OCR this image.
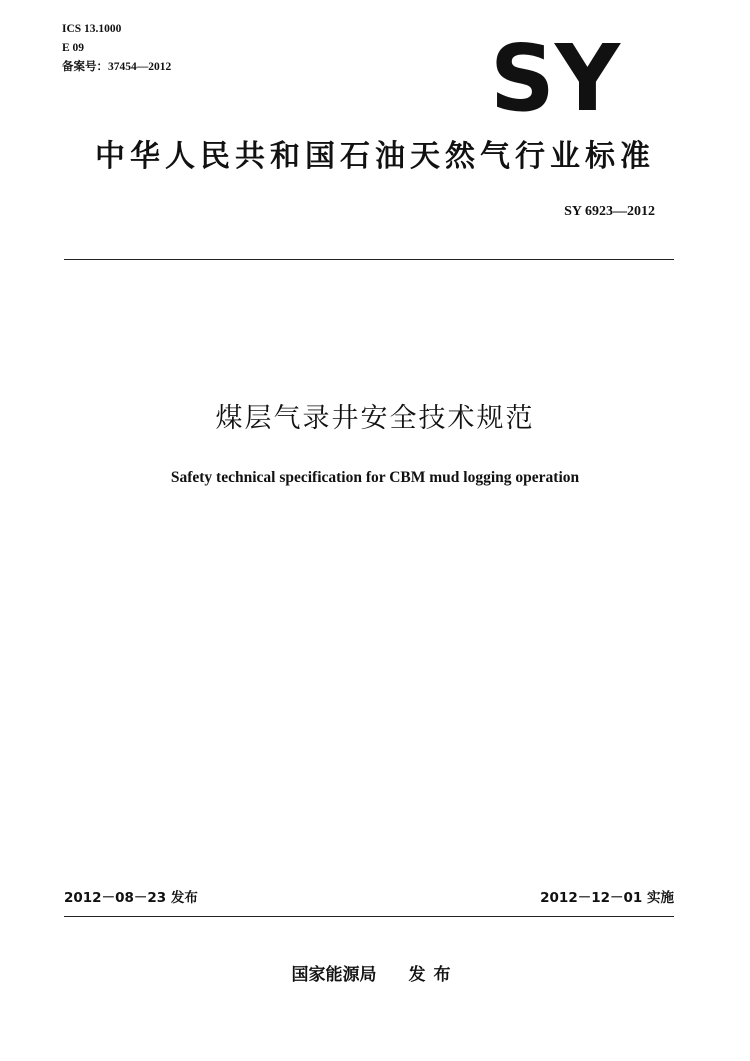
ICS 13.1000
E 09
备案号：37454—2012	SY
中华人民共和国石油天然气行业标准
SY 6923—2012
煤层气录井安全技术规范
Safety technical specification for CBM mud logging operation
2012－08－23 发布	2012－12－01 实施
国家能源局 发布
